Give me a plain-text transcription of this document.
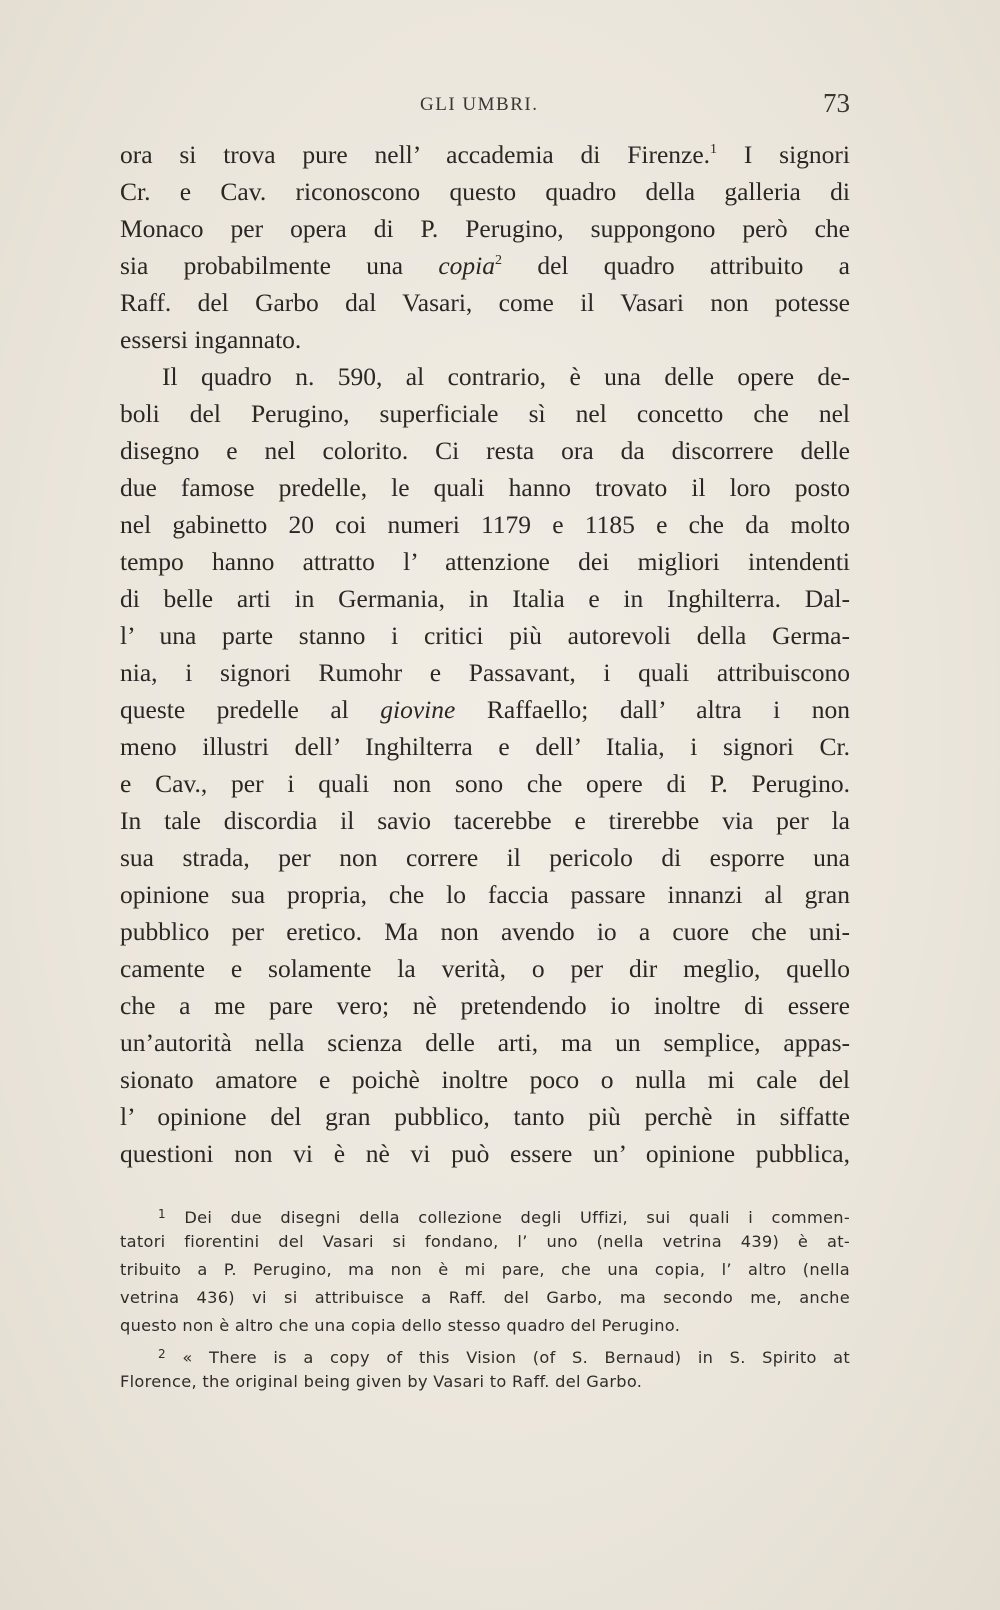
GLI UMBRI.	73
ora si trova pure nell’ accademia di Firenze.$^1$ I signori
Cr. e Cav. riconoscono questo quadro della galleria di
Monaco per opera di P. Perugino, suppongono però che
sia probabilmente una copia$^2$ del quadro attribuito a
Raff. del Garbo dal Vasari, come il Vasari non potesse
essersi ingannato.
Il quadro n. 590, al contrario, è una delle opere de-
boli del Perugino, superficiale sì nel concetto che nel
disegno e nel colorito. Ci resta ora da discorrere delle
due famose predelle, le quali hanno trovato il loro posto
nel gabinetto 20 coi numeri 1179 e 1185 e che da molto
tempo hanno attratto l’ attenzione dei migliori intendenti
di belle arti in Germania, in Italia e in Inghilterra. Dal-
l’ una parte stanno i critici più autorevoli della Germa-
nia, i signori Rumohr e Passavant, i quali attribuiscono
queste predelle al giovine Raffaello; dall’ altra i non
meno illustri dell’ Inghilterra e dell’ Italia, i signori Cr.
e Cav., per i quali non sono che opere di P. Perugino.
In tale discordia il savio tacerebbe e tirerebbe via per la
sua strada, per non correre il pericolo di esporre una
opinione sua propria, che lo faccia passare innanzi al gran
pubblico per eretico. Ma non avendo io a cuore che uni-
camente e solamente la verità, o per dir meglio, quello
che a me pare vero; nè pretendendo io inoltre di essere
un’autorità nella scienza delle arti, ma un semplice, appas-
sionato amatore e poichè inoltre poco o nulla mi cale del
l’ opinione del gran pubblico, tanto più perchè in siffatte
questioni non vi è nè vi può essere un’ opinione pubblica,
$^1$ Dei due disegni della collezione degli Uffizi, sui quali i commen-
tatori fiorentini del Vasari si fondano, l’ uno (nella vetrina 439) è at-
tribuito a P. Perugino, ma non è mi pare, che una copia, l’ altro (nella
vetrina 436) vi si attribuisce a Raff. del Garbo, ma secondo me, anche
questo non è altro che una copia dello stesso quadro del Perugino.
$^2$ « There is a copy of this Vision (of S. Bernaud) in S. Spirito at
Florence, the original being given by Vasari to Raff. del Garbo.
